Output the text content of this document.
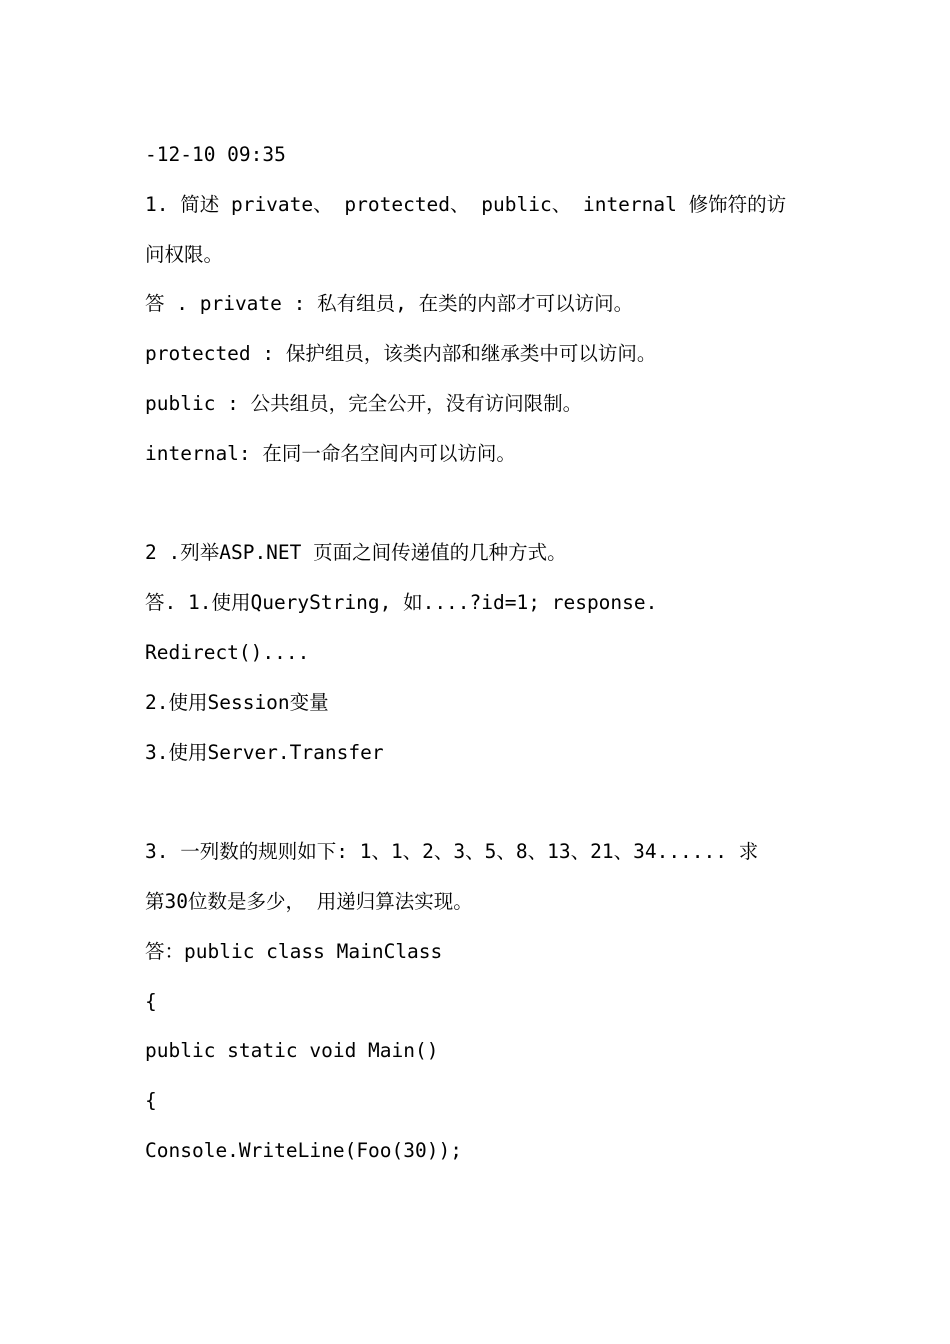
-12-10 09:35
1. 简述 private、 protected、 public、 internal 修饰符的访
问权限。
答 . private : 私有组员, 在类的内部才可以访问。
protected : 保护组员，该类内部和继承类中可以访问。
public : 公共组员，完全公开，没有访问限制。
internal: 在同一命名空间内可以访问。
2 .列举ASP.NET 页面之间传递值的几种方式。
答. 1.使用QueryString, 如....?id=1; response.
Redirect()....
2.使用Session变量
3.使用Server.Transfer
3. 一列数的规则如下: 1、1、2、3、5、8、13、21、34...... 求
第30位数是多少， 用递归算法实现。
答：public class MainClass
{
public static void Main()
{
Console.WriteLine(Foo(30));
